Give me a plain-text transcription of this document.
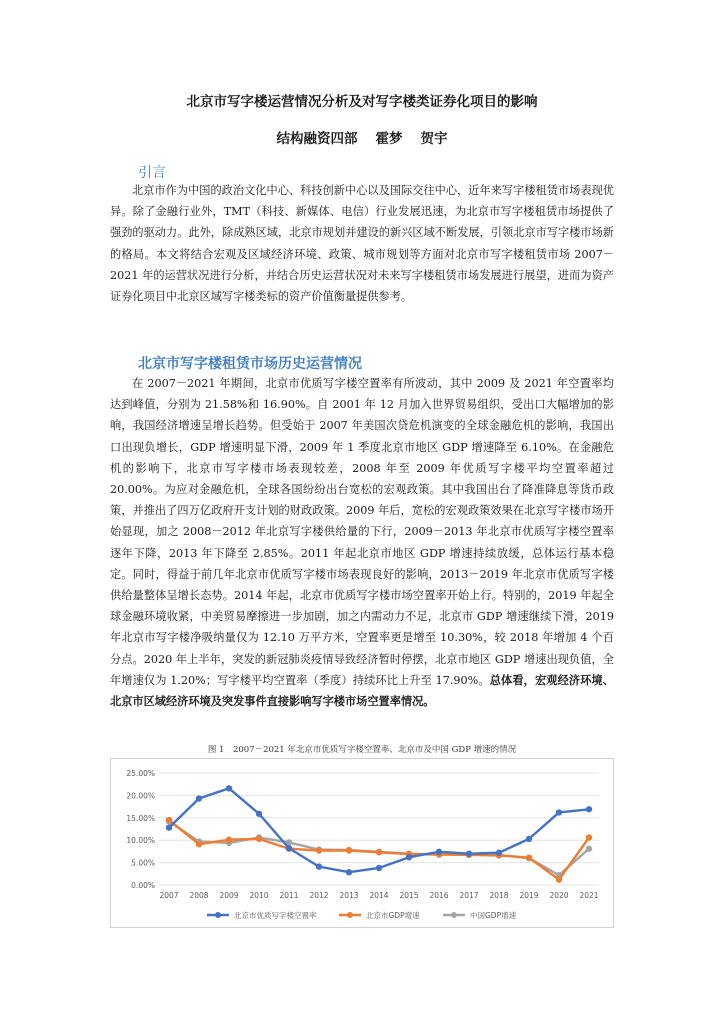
北京市写字楼运营情况分析及对写字楼类证券化项目的影响
结构融资四部 霍梦 贺宇
引言

北京市作为中国的政治文化中心、科技创新中心以及国际交往中心，近年来写字楼租赁市场表现优异。除了金融行业外，TMT（科技、新媒体、电信）行业发展迅速，为北京市写字楼租赁市场提供了强劲的驱动力。此外，除成熟区域，北京市规划并建设的新兴区域不断发展，引领北京市写字楼市场新的格局。本文将结合宏观及区域经济环境、政策、城市规划等方面对北京市写字楼租赁市场 2007－2021 年的运营状况进行分析，并结合历史运营状况对未来写字楼租赁市场发展进行展望，进而为资产证券化项目中北京区域写字楼类标的资产价值衡量提供参考。

北京市写字楼租赁市场历史运营情况

在 2007－2021 年期间，北京市优质写字楼空置率有所波动，其中 2009 及 2021 年空置率均达到峰值，分别为 21.58%和 16.90%。自 2001 年 12 月加入世界贸易组织，受出口大幅增加的影响，我国经济增速呈增长趋势。但受始于 2007 年美国次贷危机演变的全球金融危机的影响，我国出口出现负增长，GDP 增速明显下滑，2009 年 1 季度北京市地区 GDP 增速降至 6.10%。在金融危机的影响下，北京市写字楼市场表现较差，2008 年至 2009 年优质写字楼平均空置率超过 20.00%。为应对金融危机，全球各国纷纷出台宽松的宏观政策。其中我国出台了降准降息等货币政策，并推出了四万亿政府开支计划的财政政策。2009 年后，宽松的宏观政策效果在北京写字楼市场开始显现，加之 2008－2012 年北京写字楼供给量的下行，2009－2013 年北京市优质写字楼空置率逐年下降，2013 年下降至 2.85%。2011 年起北京市地区 GDP 增速持续放缓，总体运行基本稳定。同时，得益于前几年北京市优质写字楼市场表现良好的影响，2013－2019 年北京市优质写字楼供给量整体呈增长态势。2014 年起，北京市优质写字楼市场空置率开始上行。特别的，2019 年起全球金融环境收紧，中美贸易摩擦进一步加剧，加之内需动力不足，北京市 GDP 增速继续下滑，2019 年北京市写字楼净吸纳量仅为 12.10 万平方米，空置率更是增至 10.30%，较 2018 年增加 4 个百分点。2020 年上半年，突发的新冠肺炎疫情导致经济暂时停摆，北京市地区 GDP 增速出现负值，全年增速仅为 1.20%；写字楼平均空置率（季度）持续环比上升至 17.90%。总体看，宏观经济环境、北京市区域经济环境及突发事件直接影响写字楼市场空置率情况。

图 1　2007－2021 年北京市优质写字楼空置率、北京市及中国 GDP 增速的情况
0.00%
5.00%
10.00%
15.00%
20.00%
25.00%
2007 2008 2009 2010 2011 2012 2013 2014 2015 2016 2017 2018 2019 2020 2021
北京市优质写字楼空置率	北京市GDP增速	中国GDP增速
